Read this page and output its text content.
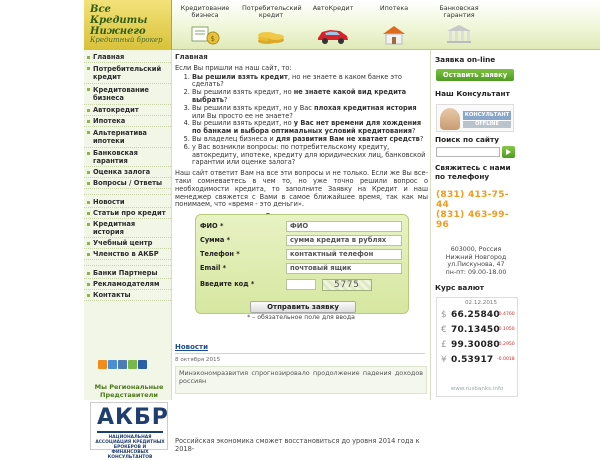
Кредитование бизнеса
$
Потребительский кредит
АвтоКредит	Ипотека	Банковская гарантия
Все Кредиты
Нижнего
Кредитный брокер
Главная
Потребительский кредит
Кредитование бизнеса
Автокредит
Ипотека
Альтернатива ипотеки
Банковская гарантия
Оценка залога
Вопросы / Ответы
Новости
Статьи про кредит
Кредитная история
Учебный центр
Членство в АКБР
Банки Партнеры
Рекламодателям
Контакты
Мы Региональные Представители
АКБР
НАЦИОНАЛЬНАЯ АССОЦИАЦИЯ КРЕДИТНЫХ БРОКЕРОВ И ФИНАНСОВЫХ КОНСУЛЬТАНТОВ
Главная
Если Вы пришли на наш сайт, то:
1. Вы решили взять кредит, но не знаете в каком банке это сделать?
2. Вы решили взять кредит, но не знаете какой вид кредита выбрать?
3. Вы решили взять кредит, но у Вас плохая кредитная история или Вы просто ее не знаете?
4. Вы решили взять кредит, но у Вас нет времени для хождения по банкам и выбора оптимальных условий кредитования?
5. Вы владелец бизнеса и для развития Вам не хватает средств?
6. у Вас возникли вопросы: по потребительскому кредиту, автокредиту, ипотеке, кредиту для юридических лиц, банковской гарантии или оценке залога?
Наш сайт ответит Вам на все эти вопросы и не только. Если же Вы все-таки сомневаетесь в чем то, но уже точно решили вопрос о необходимости кредита, то заполните Заявку на Кредит и наш менеджер свяжется с Вами в самое ближайшее время, так как мы понимаем, что «время - это деньги».
ФИО *	ФИО
Сумма *	сумма кредита в рублях
Телефон *	контактный телефон
Email *	почтовый ящик
Введите код *	5775
Отправить заявку
* – обязательное поле для ввода
Новости
8 октября 2015
Минэкономразвития спрогнозировало продолжение падения доходов россиян
Российская экономика сможет восстановиться до уровня 2014 года к 2018-
Заявка on-line
Оставить заявку
Наш Консультант
КОНСУЛЬТАНТ
OFFLINE
Поиск по сайту
Свяжитесь с нами по телефону
(831) 413-75-44
(831) 463-99-96
603000, Россия
Нижний Новгород
ул.Пискунова, 47
пн-пт: 09.00-18.00
Курс валют
02.12.2015
$ 66.25840
-0.4760
€ 70.13450
-0.1050
£ 99.30080
-0.2950
¥ 0.53917 -0.0018
www.rusbanks.info
